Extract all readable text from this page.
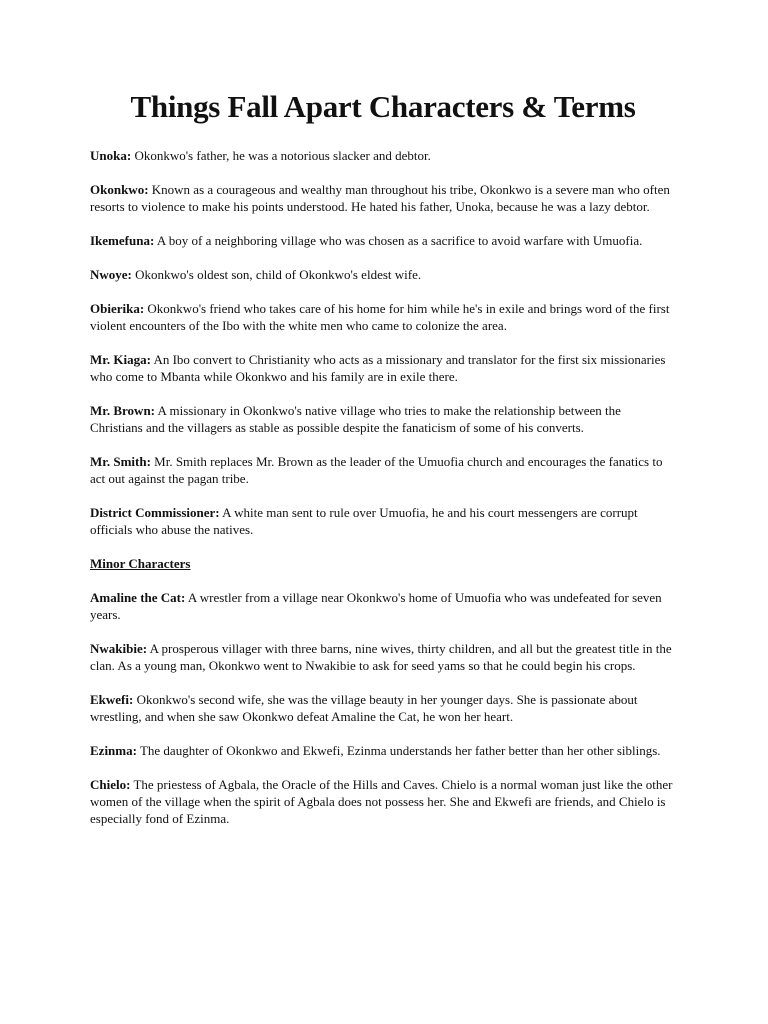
Things Fall Apart Characters & Terms

Unoka: Okonkwo's father, he was a notorious slacker and debtor.

Okonkwo: Known as a courageous and wealthy man throughout his tribe, Okonkwo is a severe man who often resorts to violence to make his points understood. He hated his father, Unoka, because he was a lazy debtor.

Ikemefuna: A boy of a neighboring village who was chosen as a sacrifice to avoid warfare with Umuofia.

Nwoye: Okonkwo's oldest son, child of Okonkwo's eldest wife.

Obierika: Okonkwo's friend who takes care of his home for him while he's in exile and brings word of the first violent encounters of the Ibo with the white men who came to colonize the area.

Mr. Kiaga: An Ibo convert to Christianity who acts as a missionary and translator for the first six missionaries who come to Mbanta while Okonkwo and his family are in exile there.

Mr. Brown: A missionary in Okonkwo's native village who tries to make the relationship between the Christians and the villagers as stable as possible despite the fanaticism of some of his converts.

Mr. Smith: Mr. Smith replaces Mr. Brown as the leader of the Umuofia church and encourages the fanatics to act out against the pagan tribe.

District Commissioner: A white man sent to rule over Umuofia, he and his court messengers are corrupt officials who abuse the natives.

Minor Characters

Amaline the Cat: A wrestler from a village near Okonkwo's home of Umuofia who was undefeated for seven years.

Nwakibie: A prosperous villager with three barns, nine wives, thirty children, and all but the greatest title in the clan. As a young man, Okonkwo went to Nwakibie to ask for seed yams so that he could begin his crops.

Ekwefi: Okonkwo's second wife, she was the village beauty in her younger days. She is passionate about wrestling, and when she saw Okonkwo defeat Amaline the Cat, he won her heart.

Ezinma: The daughter of Okonkwo and Ekwefi, Ezinma understands her father better than her other siblings.

Chielo: The priestess of Agbala, the Oracle of the Hills and Caves. Chielo is a normal woman just like the other women of the village when the spirit of Agbala does not possess her. She and Ekwefi are friends, and Chielo is especially fond of Ezinma.
